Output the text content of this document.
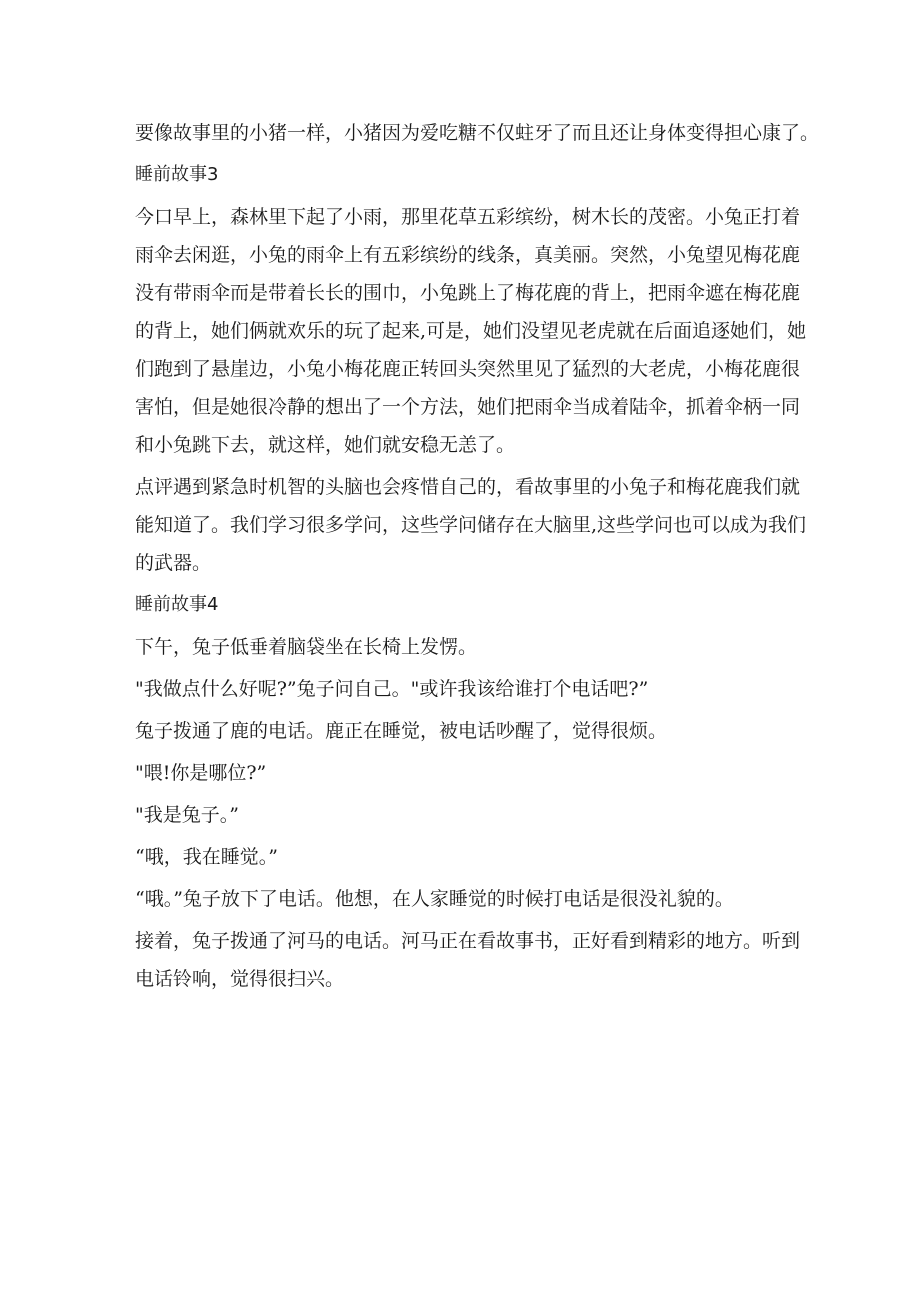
要像故事里的小猪一样，小猪因为爱吃糖不仅蛀牙了而且还让身体变得担心康了。
睡前故事3
今口早上，森林里下起了小雨，那里花草五彩缤纷，树木长的茂密。小兔正打着
雨伞去闲逛，小兔的雨伞上有五彩缤纷的线条，真美丽。突然，小兔望见梅花鹿
没有带雨伞而是带着长长的围巾，小兔跳上了梅花鹿的背上，把雨伞遮在梅花鹿
的背上，她们俩就欢乐的玩了起来,可是，她们没望见老虎就在后面追逐她们，她
们跑到了悬崖边，小兔小梅花鹿正转回头突然里见了猛烈的大老虎，小梅花鹿很
害怕，但是她很冷静的想出了一个方法，她们把雨伞当成着陆伞，抓着伞柄一同
和小兔跳下去，就这样，她们就安稳无恙了。
点评遇到紧急时机智的头脑也会疼惜自己的，看故事里的小兔子和梅花鹿我们就
能知道了。我们学习很多学问，这些学问储存在大脑里,这些学问也可以成为我们
的武器。
睡前故事4
下午，兔子低垂着脑袋坐在长椅上发愣。
"我做点什么好呢?”兔子问自己。"或许我该给谁打个电话吧?”
兔子拨通了鹿的电话。鹿正在睡觉，被电话吵醒了，觉得很烦。
"喂!你是哪位?”
"我是兔子。”
“哦，我在睡觉。”
“哦。”兔子放下了电话。他想，在人家睡觉的时候打电话是很没礼貌的。
接着，兔子拨通了河马的电话。河马正在看故事书，正好看到精彩的地方。听到
电话铃响，觉得很扫兴。
